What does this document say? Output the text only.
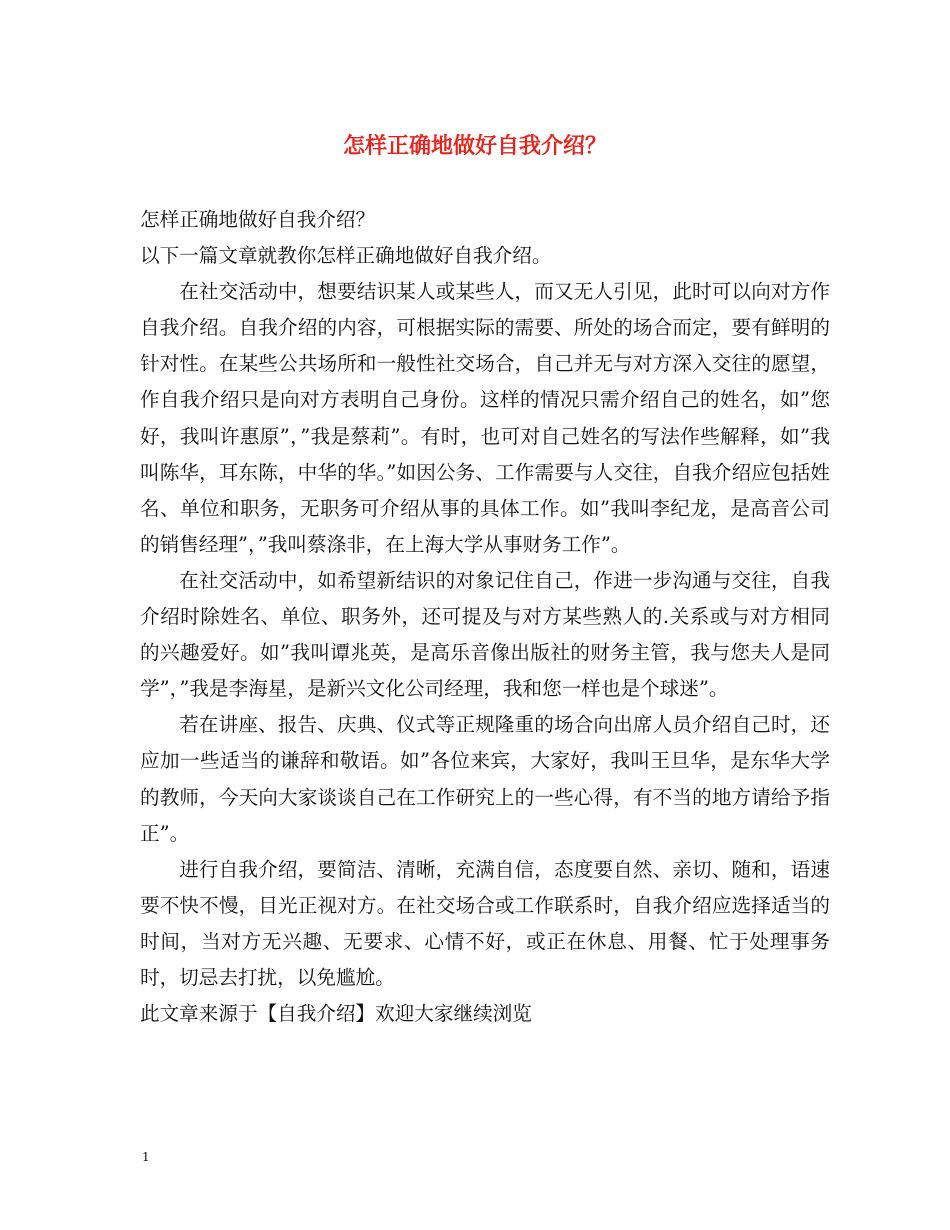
怎样正确地做好自我介绍？

怎样正确地做好自我介绍？

以下一篇文章就教你怎样正确地做好自我介绍。

在社交活动中，想要结识某人或某些人，而又无人引见，此时可以向对方作自我介绍。自我介绍的内容，可根据实际的需要、所处的场合而定，要有鲜明的针对性。在某些公共场所和一般性社交场合，自己并无与对方深入交往的愿望，作自我介绍只是向对方表明自己身份。这样的情况只需介绍自己的姓名，如”您好，我叫许惠原”，”我是蔡莉”。有时，也可对自己姓名的写法作些解释，如”我叫陈华，耳东陈，中华的华。”如因公务、工作需要与人交往，自我介绍应包括姓名、单位和职务，无职务可介绍从事的具体工作。如”我叫李纪龙，是高音公司的销售经理”，”我叫蔡涤非，在上海大学从事财务工作”。

在社交活动中，如希望新结识的对象记住自己，作进一步沟通与交往，自我介绍时除姓名、单位、职务外，还可提及与对方某些熟人的.关系或与对方相同的兴趣爱好。如”我叫谭兆英，是高乐音像出版社的财务主管，我与您夫人是同学”，”我是李海星，是新兴文化公司经理，我和您一样也是个球迷”。

若在讲座、报告、庆典、仪式等正规隆重的场合向出席人员介绍自己时，还应加一些适当的谦辞和敬语。如”各位来宾，大家好，我叫王旦华，是东华大学的教师，今天向大家谈谈自己在工作研究上的一些心得，有不当的地方请给予指正”。

进行自我介绍，要简洁、清晰，充满自信，态度要自然、亲切、随和，语速要不快不慢，目光正视对方。在社交场合或工作联系时，自我介绍应选择适当的时间，当对方无兴趣、无要求、心情不好，或正在休息、用餐、忙于处理事务时，切忌去打扰，以免尴尬。

此文章来源于【自我介绍】欢迎大家继续浏览

1
